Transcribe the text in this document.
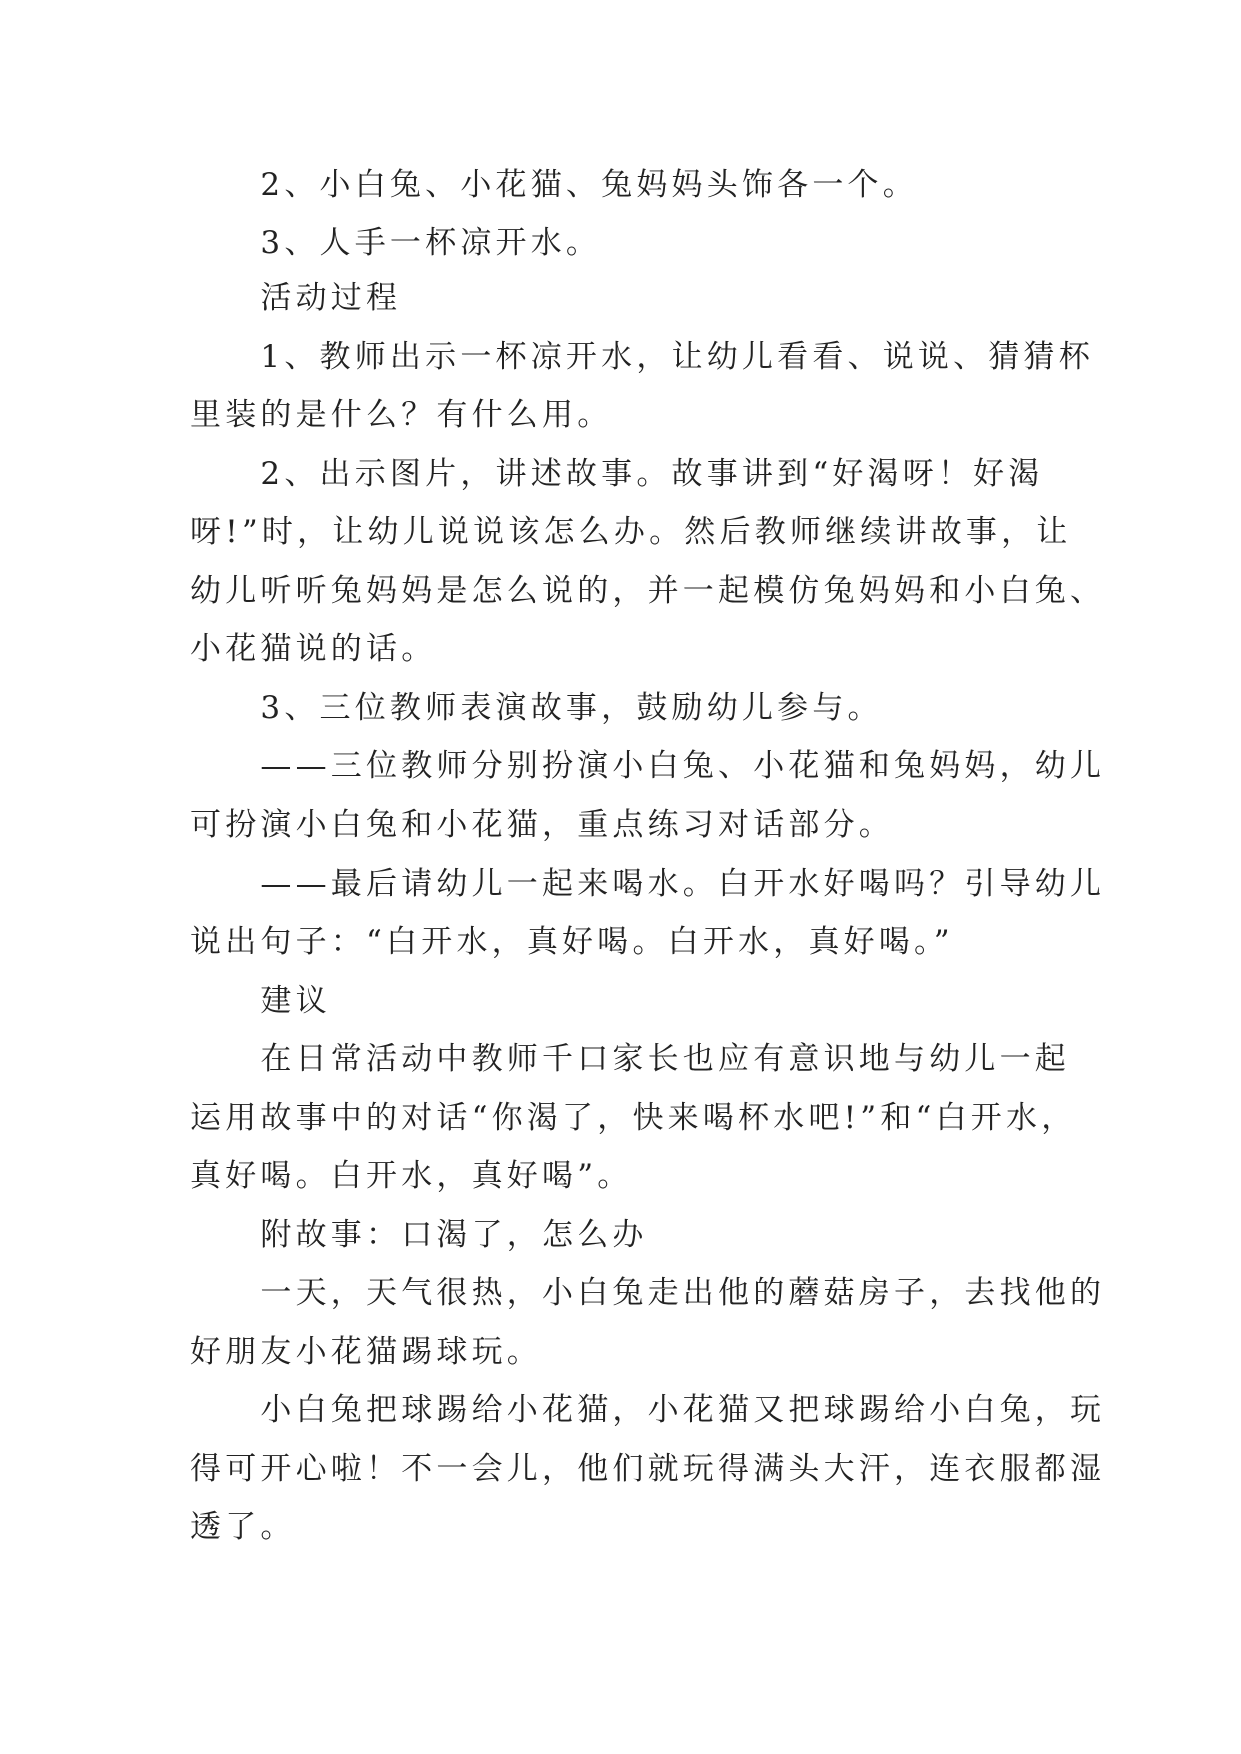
　　2、小白兔、小花猫、兔妈妈头饰各一个。

　　3、人手一杯凉开水。

　　活动过程

　　1、教师出示一杯凉开水，让幼儿看看、说说、猜猜杯

里装的是什么？有什么用。

　　2、出示图片，讲述故事。故事讲到“好渴呀！好渴

呀!”时，让幼儿说说该怎么办。然后教师继续讲故事，让

幼儿听听兔妈妈是怎么说的，并一起模仿兔妈妈和小白兔、

小花猫说的话。

　　3、三位教师表演故事，鼓励幼儿参与。

　　——三位教师分别扮演小白兔、小花猫和兔妈妈，幼儿

可扮演小白兔和小花猫，重点练习对话部分。

　　——最后请幼儿一起来喝水。白开水好喝吗？引导幼儿

说出句子：“白开水，真好喝。白开水，真好喝。”

　　建议

　　在日常活动中教师千口家长也应有意识地与幼儿一起

运用故事中的对话“你渴了，快来喝杯水吧!”和“白开水，

真好喝。白开水，真好喝”。

　　附故事：口渴了，怎么办

　　一天，天气很热，小白兔走出他的蘑菇房子，去找他的

好朋友小花猫踢球玩。

　　小白兔把球踢给小花猫，小花猫又把球踢给小白兔，玩

得可开心啦！不一会儿，他们就玩得满头大汗，连衣服都湿

透了。
